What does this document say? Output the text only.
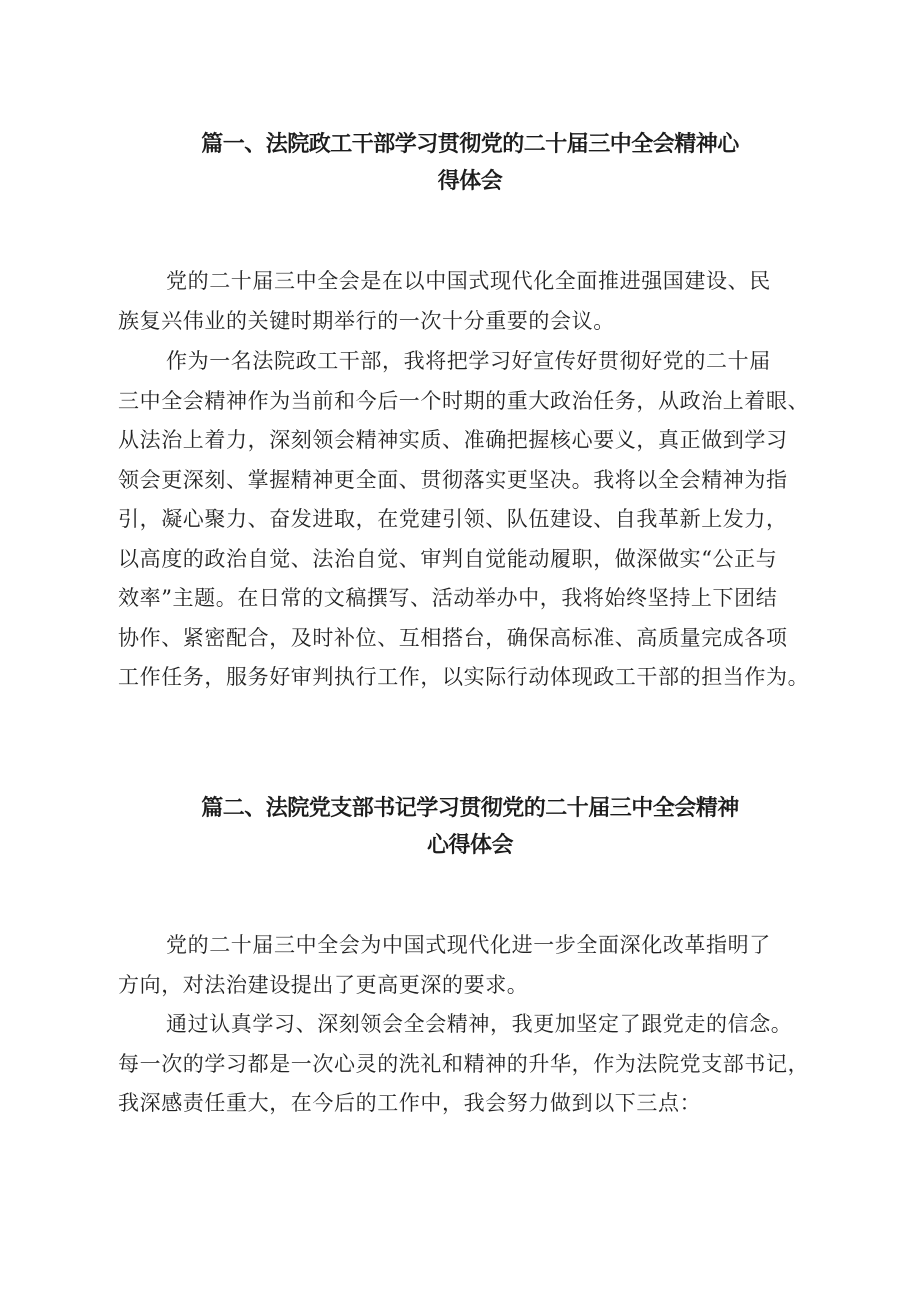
篇一、法院政工干部学习贯彻党的二十届三中全会精神心
得体会
党的二十届三中全会是在以中国式现代化全面推进强国建设、民
族复兴伟业的关键时期举行的一次十分重要的会议。
作为一名法院政工干部，我将把学习好宣传好贯彻好党的二十届
三中全会精神作为当前和今后一个时期的重大政治任务，从政治上着眼、
从法治上着力，深刻领会精神实质、准确把握核心要义，真正做到学习
领会更深刻、掌握精神更全面、贯彻落实更坚决。我将以全会精神为指
引，凝心聚力、奋发进取，在党建引领、队伍建设、自我革新上发力，
以高度的政治自觉、法治自觉、审判自觉能动履职，做深做实“公正与
效率”主题。在日常的文稿撰写、活动举办中，我将始终坚持上下团结
协作、紧密配合，及时补位、互相搭台，确保高标准、高质量完成各项
工作任务，服务好审判执行工作，以实际行动体现政工干部的担当作为。
篇二、法院党支部书记学习贯彻党的二十届三中全会精神
心得体会
党的二十届三中全会为中国式现代化进一步全面深化改革指明了
方向，对法治建设提出了更高更深的要求。
通过认真学习、深刻领会全会精神，我更加坚定了跟党走的信念。
每一次的学习都是一次心灵的洗礼和精神的升华，作为法院党支部书记，
我深感责任重大，在今后的工作中，我会努力做到以下三点：
